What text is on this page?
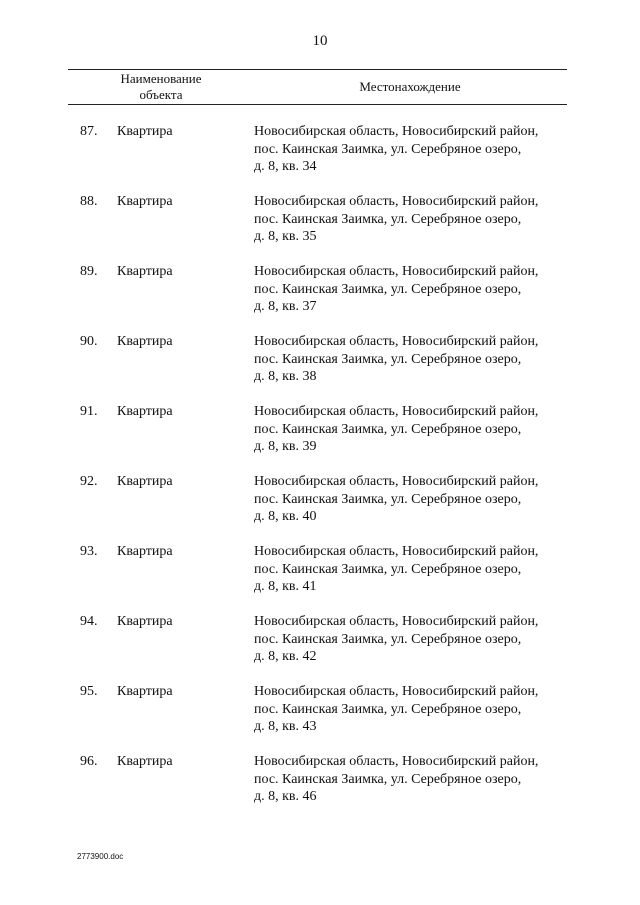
10
Наименование
объекта
Местонахождение
87. Квартира	Новосибирская область, Новосибирский район,
пос. Каинская Заимка, ул. Серебряное озеро,
д. 8, кв. 34
88. Квартира	Новосибирская область, Новосибирский район,
пос. Каинская Заимка, ул. Серебряное озеро,
д. 8, кв. 35
89. Квартира	Новосибирская область, Новосибирский район,
пос. Каинская Заимка, ул. Серебряное озеро,
д. 8, кв. 37
90. Квартира	Новосибирская область, Новосибирский район,
пос. Каинская Заимка, ул. Серебряное озеро,
д. 8, кв. 38
91. Квартира	Новосибирская область, Новосибирский район,
пос. Каинская Заимка, ул. Серебряное озеро,
д. 8, кв. 39
92. Квартира	Новосибирская область, Новосибирский район,
пос. Каинская Заимка, ул. Серебряное озеро,
д. 8, кв. 40
93. Квартира	Новосибирская область, Новосибирский район,
пос. Каинская Заимка, ул. Серебряное озеро,
д. 8, кв. 41
94. Квартира	Новосибирская область, Новосибирский район,
пос. Каинская Заимка, ул. Серебряное озеро,
д. 8, кв. 42
95. Квартира	Новосибирская область, Новосибирский район,
пос. Каинская Заимка, ул. Серебряное озеро,
д. 8, кв. 43
96. Квартира	Новосибирская область, Новосибирский район,
пос. Каинская Заимка, ул. Серебряное озеро,
д. 8, кв. 46
2773900.doc
